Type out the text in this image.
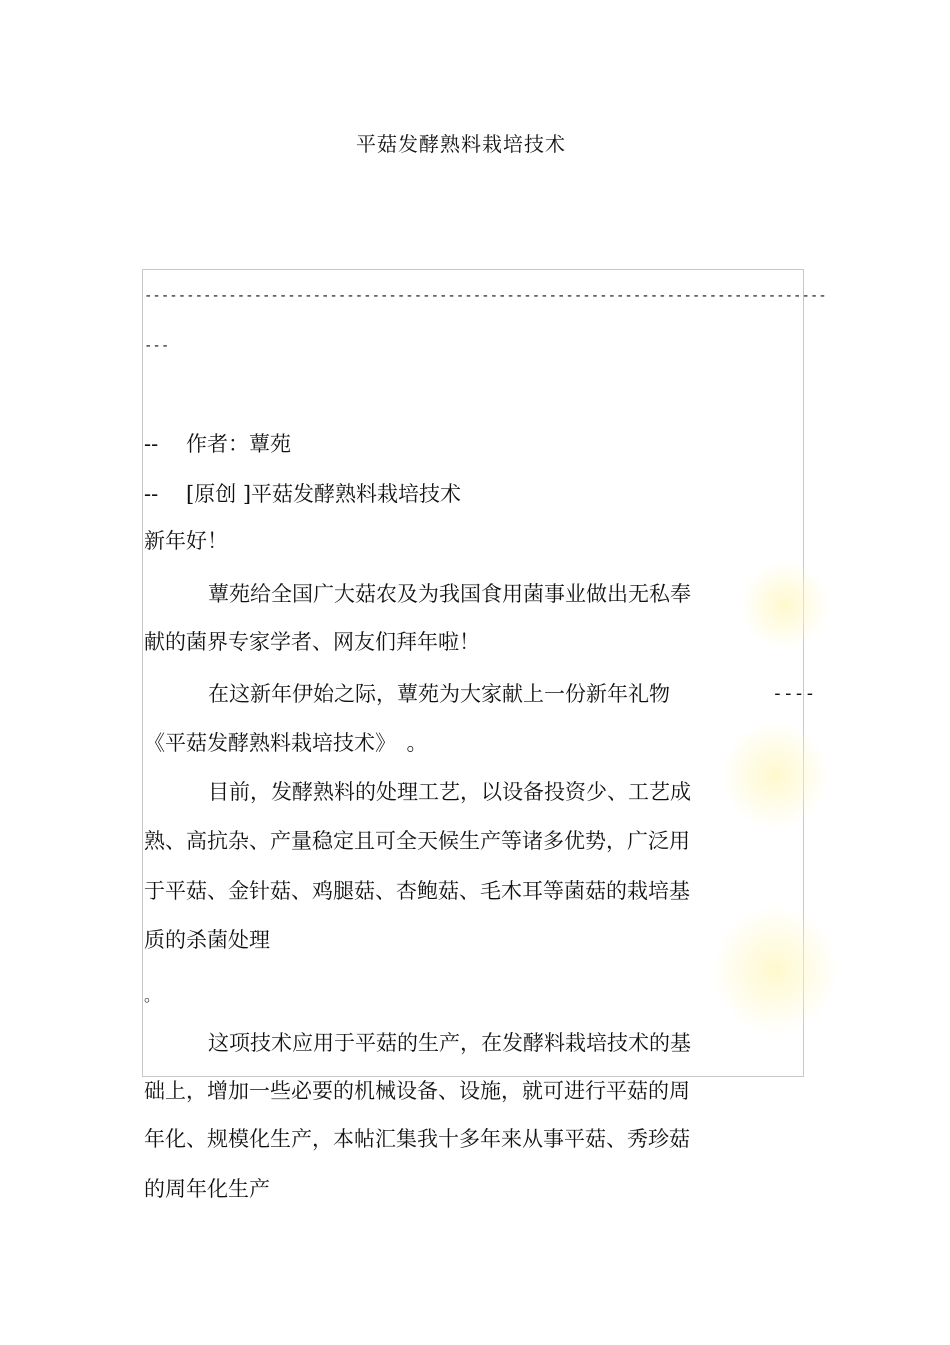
平菇发酵熟料栽培技术
---------------------------------------------------------------------------------
---
-- 作者：蕈苑
-- [原创 ]平菇发酵熟料栽培技术
新年好！
蕈苑给全国广大菇农及为我国食用菌事业做出无私奉
献的菌界专家学者、网友们拜年啦！
在这新年伊始之际，蕈苑为大家献上一份新年礼物	----
《平菇发酵熟料栽培技术》　。
目前，发酵熟料的处理工艺，以设备投资少、工艺成
熟、高抗杂、产量稳定且可全天候生产等诸多优势，广泛用
于平菇、金针菇、鸡腿菇、杏鲍菇、毛木耳等菌菇的栽培基
质的杀菌处理
。
这项技术应用于平菇的生产，在发酵料栽培技术的基
础上，增加一些必要的机械设备、设施，就可进行平菇的周
年化、规模化生产，本帖汇集我十多年来从事平菇、秀珍菇
的周年化生产
